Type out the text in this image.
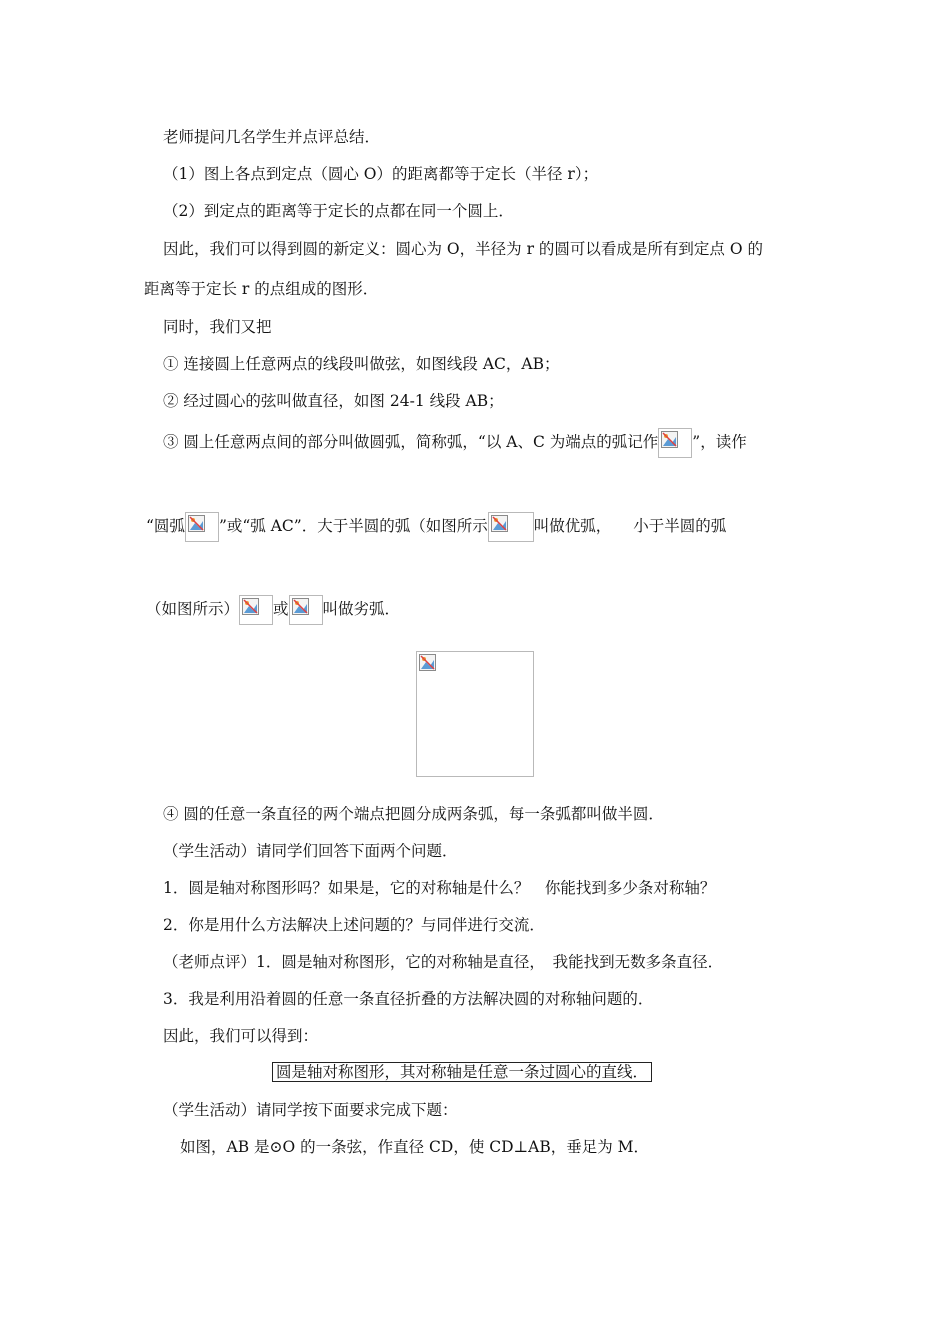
老师提问几名学生并点评总结．
（1）图上各点到定点（圆心 O）的距离都等于定长（半径 r）；
（2）到定点的距离等于定长的点都在同一个圆上．
因此，我们可以得到圆的新定义：圆心为 O，半径为 r 的圆可以看成是所有到定点 O 的
距离等于定长 r 的点组成的图形．
同时，我们又把
① 连接圆上任意两点的线段叫做弦，如图线段 AC，AB；
② 经过圆心的弦叫做直径，如图 24-1 线段 AB；
③ 圆上任意两点间的部分叫做圆弧，简称弧，“以 A、C 为端点的弧记作 ”，读作
“圆弧 ”或“弧 AC”．大于半圆的弧（如图所示	叫做优弧， 小于半圆的弧
（如图所示） 或 叫做劣弧．
④ 圆的任意一条直径的两个端点把圆分成两条弧，每一条弧都叫做半圆．
（学生活动）请同学们回答下面两个问题．
1．圆是轴对称图形吗？如果是，它的对称轴是什么？　你能找到多少条对称轴？
2．你是用什么方法解决上述问题的？与同伴进行交流．
（老师点评）1．圆是轴对称图形，它的对称轴是直径，　我能找到无数多条直径．
3．我是利用沿着圆的任意一条直径折叠的方法解决圆的对称轴问题的．
因此，我们可以得到：
圆是轴对称图形，其对称轴是任意一条过圆心的直线．
（学生活动）请同学按下面要求完成下题：
如图，AB 是⊙O 的一条弦，作直径 CD，使 CD⊥AB，垂足为 M．
